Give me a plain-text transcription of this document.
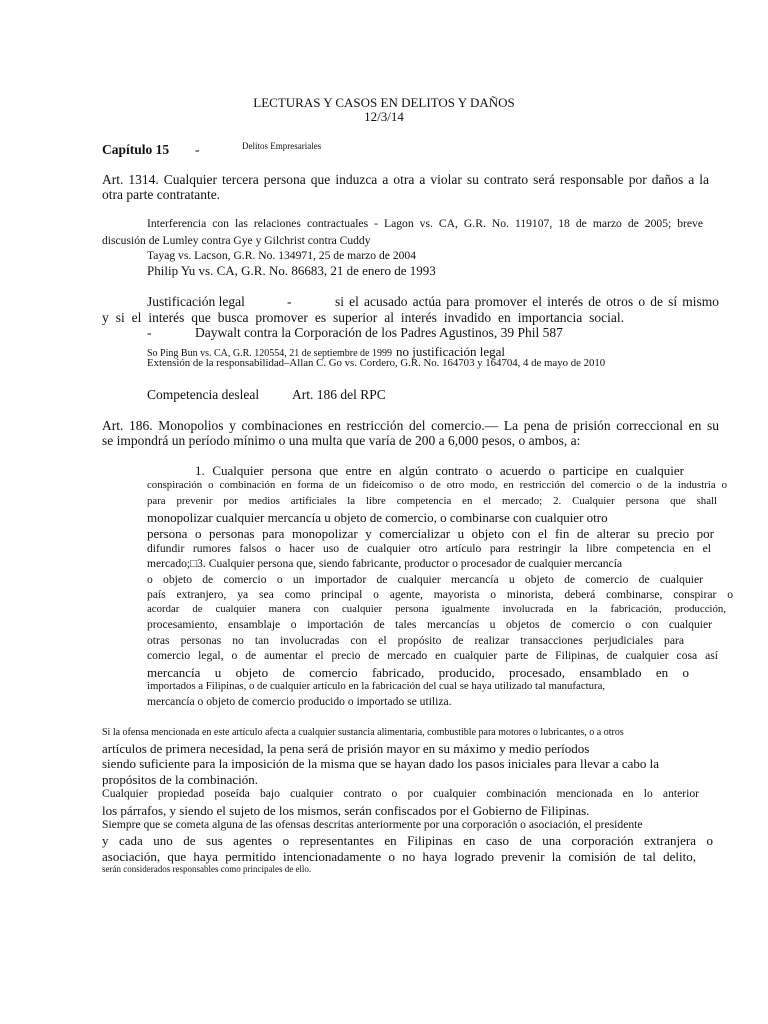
LECTURAS Y CASOS EN DELITOS Y DAÑOS
12/3/14
Capítulo 15 -	Delitos Empresariales
Art. 1314. Cualquier tercera persona que induzca a otra a violar su contrato será responsable por daños a la
otra parte contratante.
Interferencia con las relaciones contractuales - Lagon vs. CA, G.R. No. 119107, 18 de marzo de 2005; breve
discusión de Lumley contra Gye y Gilchrist contra Cuddy
Tayag vs. Lacson, G.R. No. 134971, 25 de marzo de 2004
Philip Yu vs. CA, G.R. No. 86683, 21 de enero de 1993
Justificación legal	-	si el acusado actúa para promover el interés de otros o de sí mismo
y si el interés que busca promover es superior al interés invadido en importancia social.
-	Daywalt contra la Corporación de los Padres Agustinos, 39 Phil 587
So Ping Bun vs. CA, G.R. 120554, 21 de septiembre de 1999 no justificación legal
Extensión de la responsabilidad–Allan C. Go vs. Cordero, G.R. No. 164703 y 164704, 4 de mayo de 2010
Competencia desleal Art. 186 del RPC
Art. 186. Monopolios y combinaciones en restricción del comercio.— La pena de prisión correccional en su
se impondrá un período mínimo o una multa que varía de 200 a 6,000 pesos, o ambos, a:
1. Cualquier persona que entre en algún contrato o acuerdo o participe en cualquier
conspiración o combinación en forma de un fideicomiso o de otro modo, en restricción del comercio o de la industria o
para prevenir por medios artificiales la libre competencia en el mercado; 2. Cualquier persona que shall
monopolizar cualquier mercancía u objeto de comercio, o combinarse con cualquier otro
persona o personas para monopolizar y comercializar u objeto con el fin de alterar su precio por
difundir rumores falsos o hacer uso de cualquier otro artículo para restringir la libre competencia en el
mercado;□3. Cualquier persona que, siendo fabricante, productor o procesador de cualquier mercancía
o objeto de comercio o un importador de cualquier mercancía u objeto de comercio de cualquier
país extranjero, ya sea como principal o agente, mayorista o minorista, deberá combinarse, conspirar o
acordar de cualquier manera con cualquier persona igualmente involucrada en la fabricación, producción,
procesamiento, ensamblaje o importación de tales mercancías u objetos de comercio o con cualquier
otras personas no tan involucradas con el propósito de realizar transacciones perjudiciales para
comercio legal, o de aumentar el precio de mercado en cualquier parte de Filipinas, de cualquier cosa así
mercancía u objeto de comercio fabricado, producido, procesado, ensamblado en o
importados a Filipinas, o de cualquier artículo en la fabricación del cual se haya utilizado tal manufactura,
mercancía o objeto de comercio producido o importado se utiliza.
Si la ofensa mencionada en este artículo afecta a cualquier sustancia alimentaria, combustible para motores o lubricantes, o a otros
artículos de primera necesidad, la pena será de prisión mayor en su máximo y medio períodos
siendo suficiente para la imposición de la misma que se hayan dado los pasos iniciales para llevar a cabo la
propósitos de la combinación.
Cualquier propiedad poseída bajo cualquier contrato o por cualquier combinación mencionada en lo anterior
los párrafos, y siendo el sujeto de los mismos, serán confiscados por el Gobierno de Filipinas.
Siempre que se cometa alguna de las ofensas descritas anteriormente por una corporación o asociación, el presidente
y cada uno de sus agentes o representantes en Filipinas en caso de una corporación extranjera o
asociación, que haya permitido intencionadamente o no haya logrado prevenir la comisión de tal delito,
serán considerados responsables como principales de ello.
